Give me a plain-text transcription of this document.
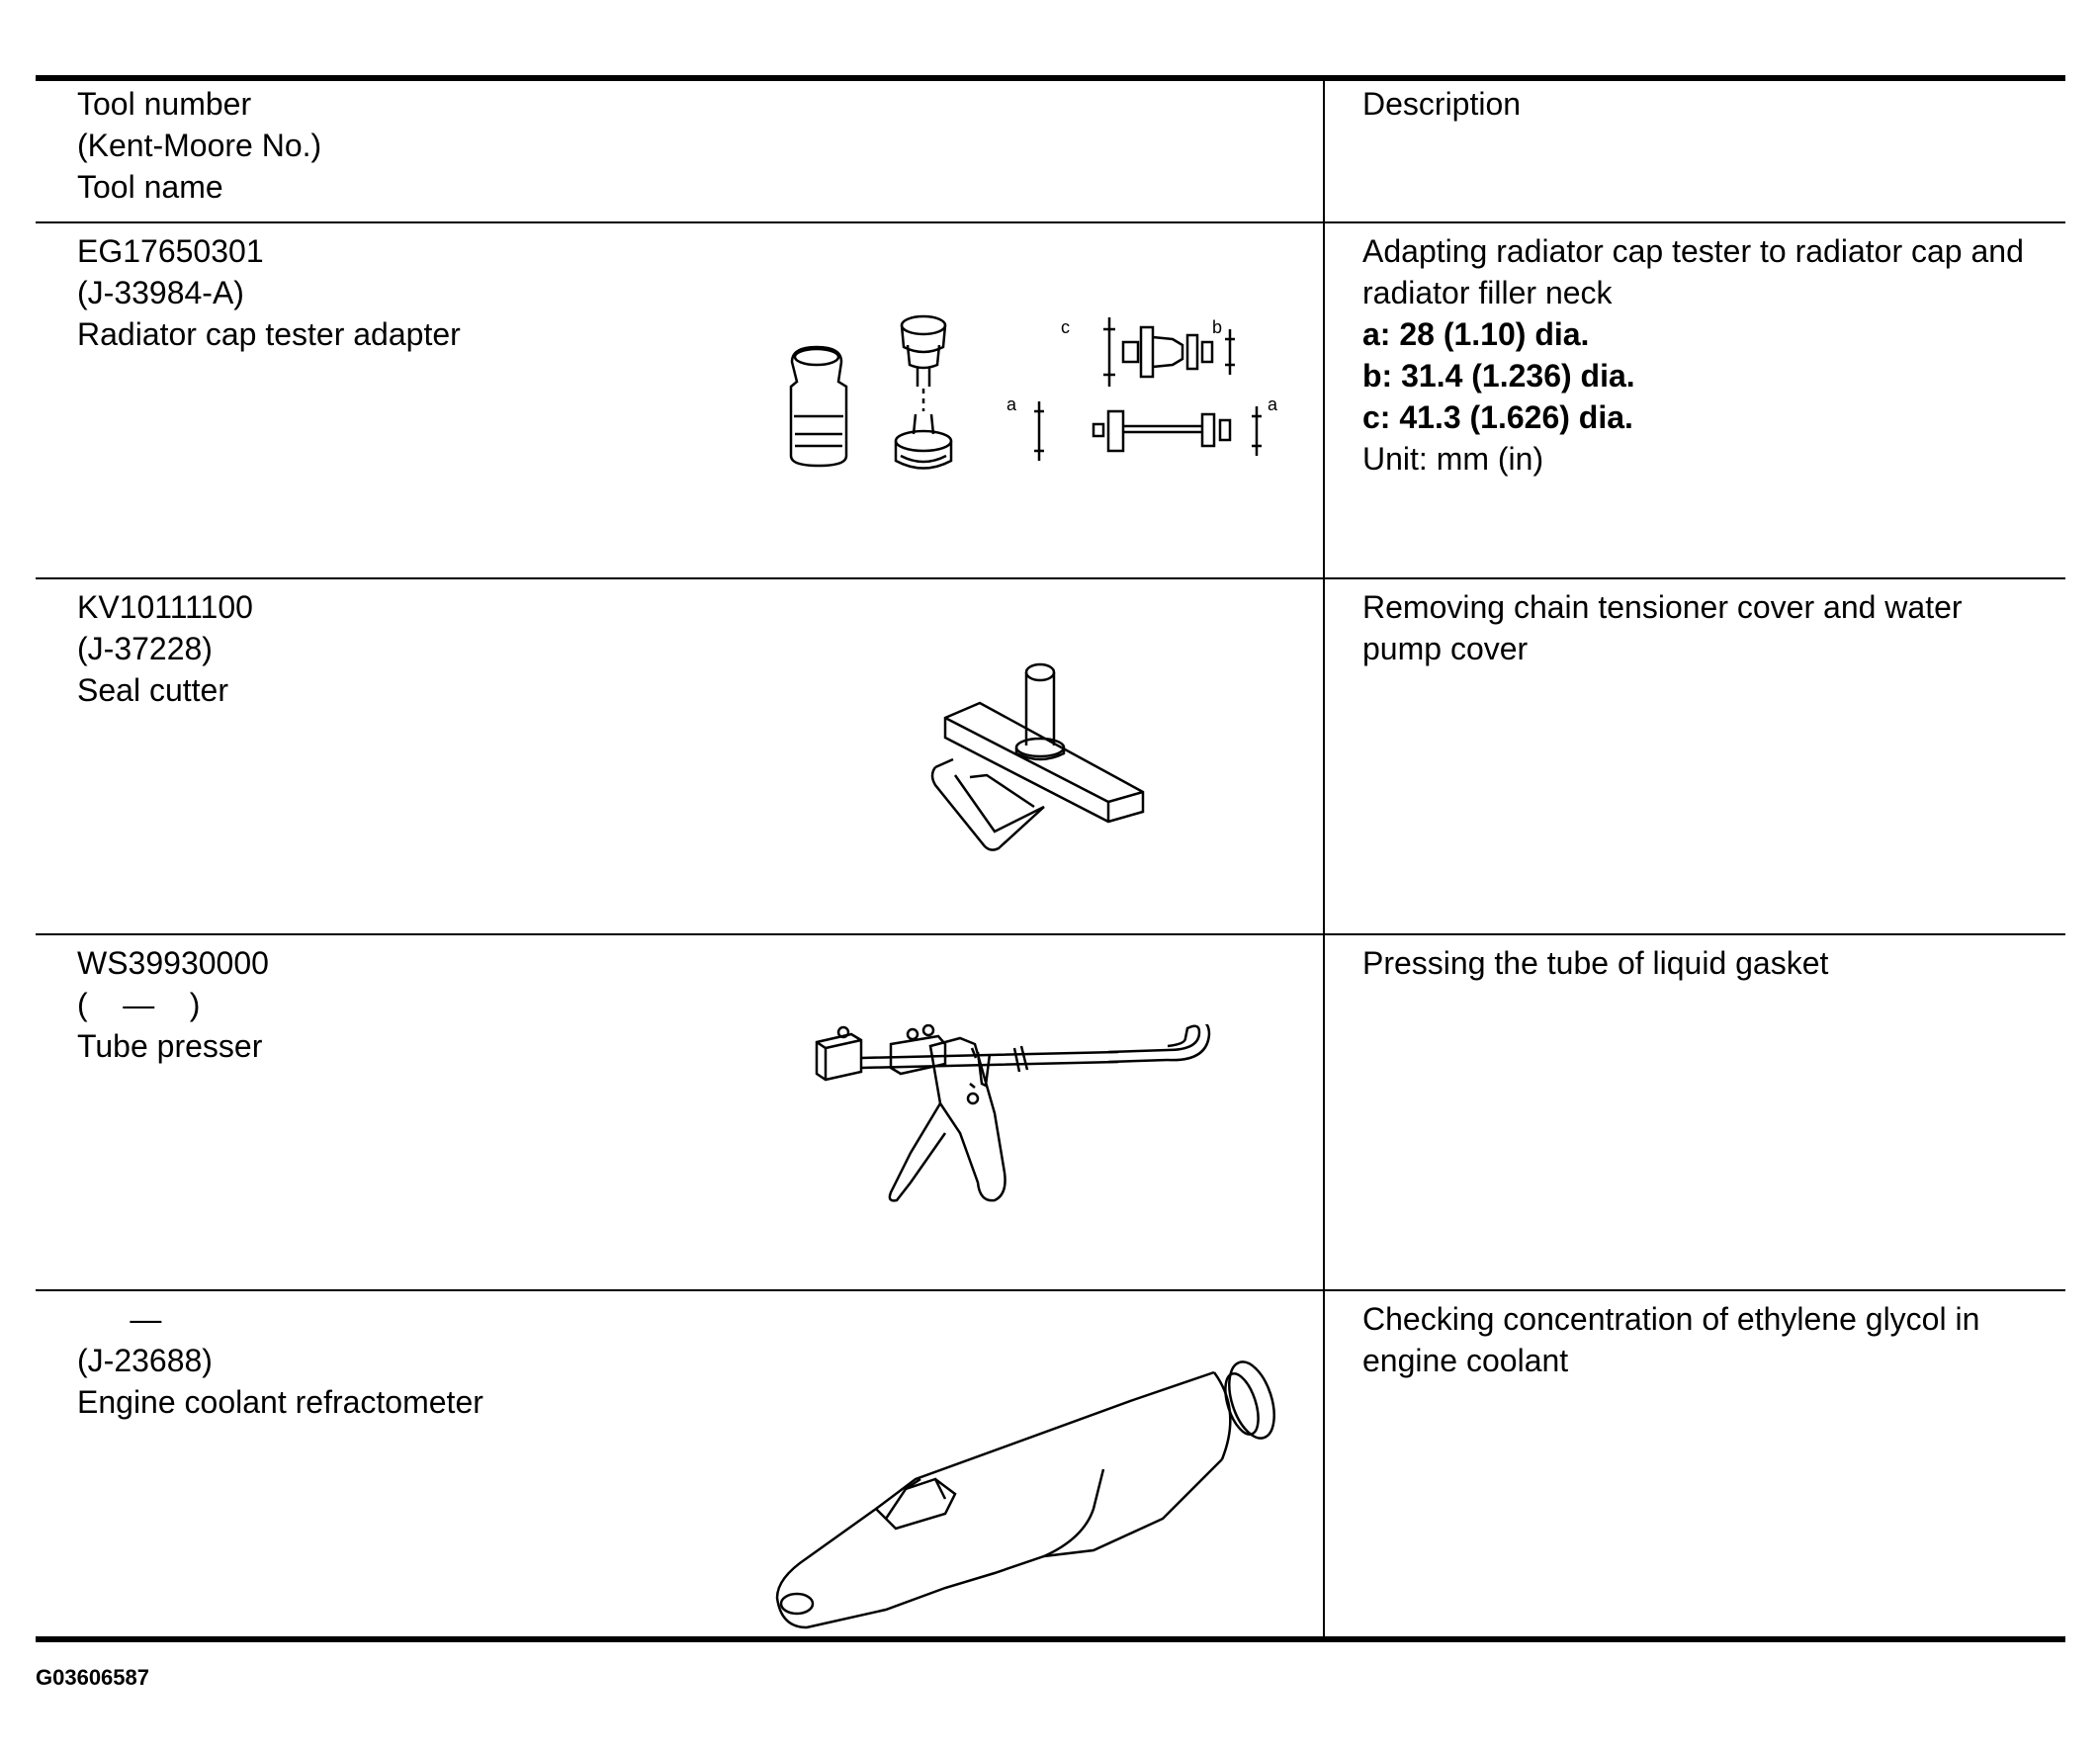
Tool number
(Kent-Moore No.)
Tool name
Description
EG17650301
(J-33984-A)
Radiator cap tester adapter
Adapting radiator cap tester to radiator cap and radiator filler neck
a: 28 (1.10) dia.
b: 31.4 (1.236) dia.
c: 41.3 (1.626) dia.
Unit: mm (in)
c	b
a	a
KV10111100
(J-37228)
Seal cutter
Removing chain tensioner cover and water pump cover
WS39930000
(    —    )
Tube presser
Pressing the tube of liquid gasket
—
(J-23688)
Engine coolant refractometer
Checking concentration of ethylene glycol in engine coolant
G03606587
